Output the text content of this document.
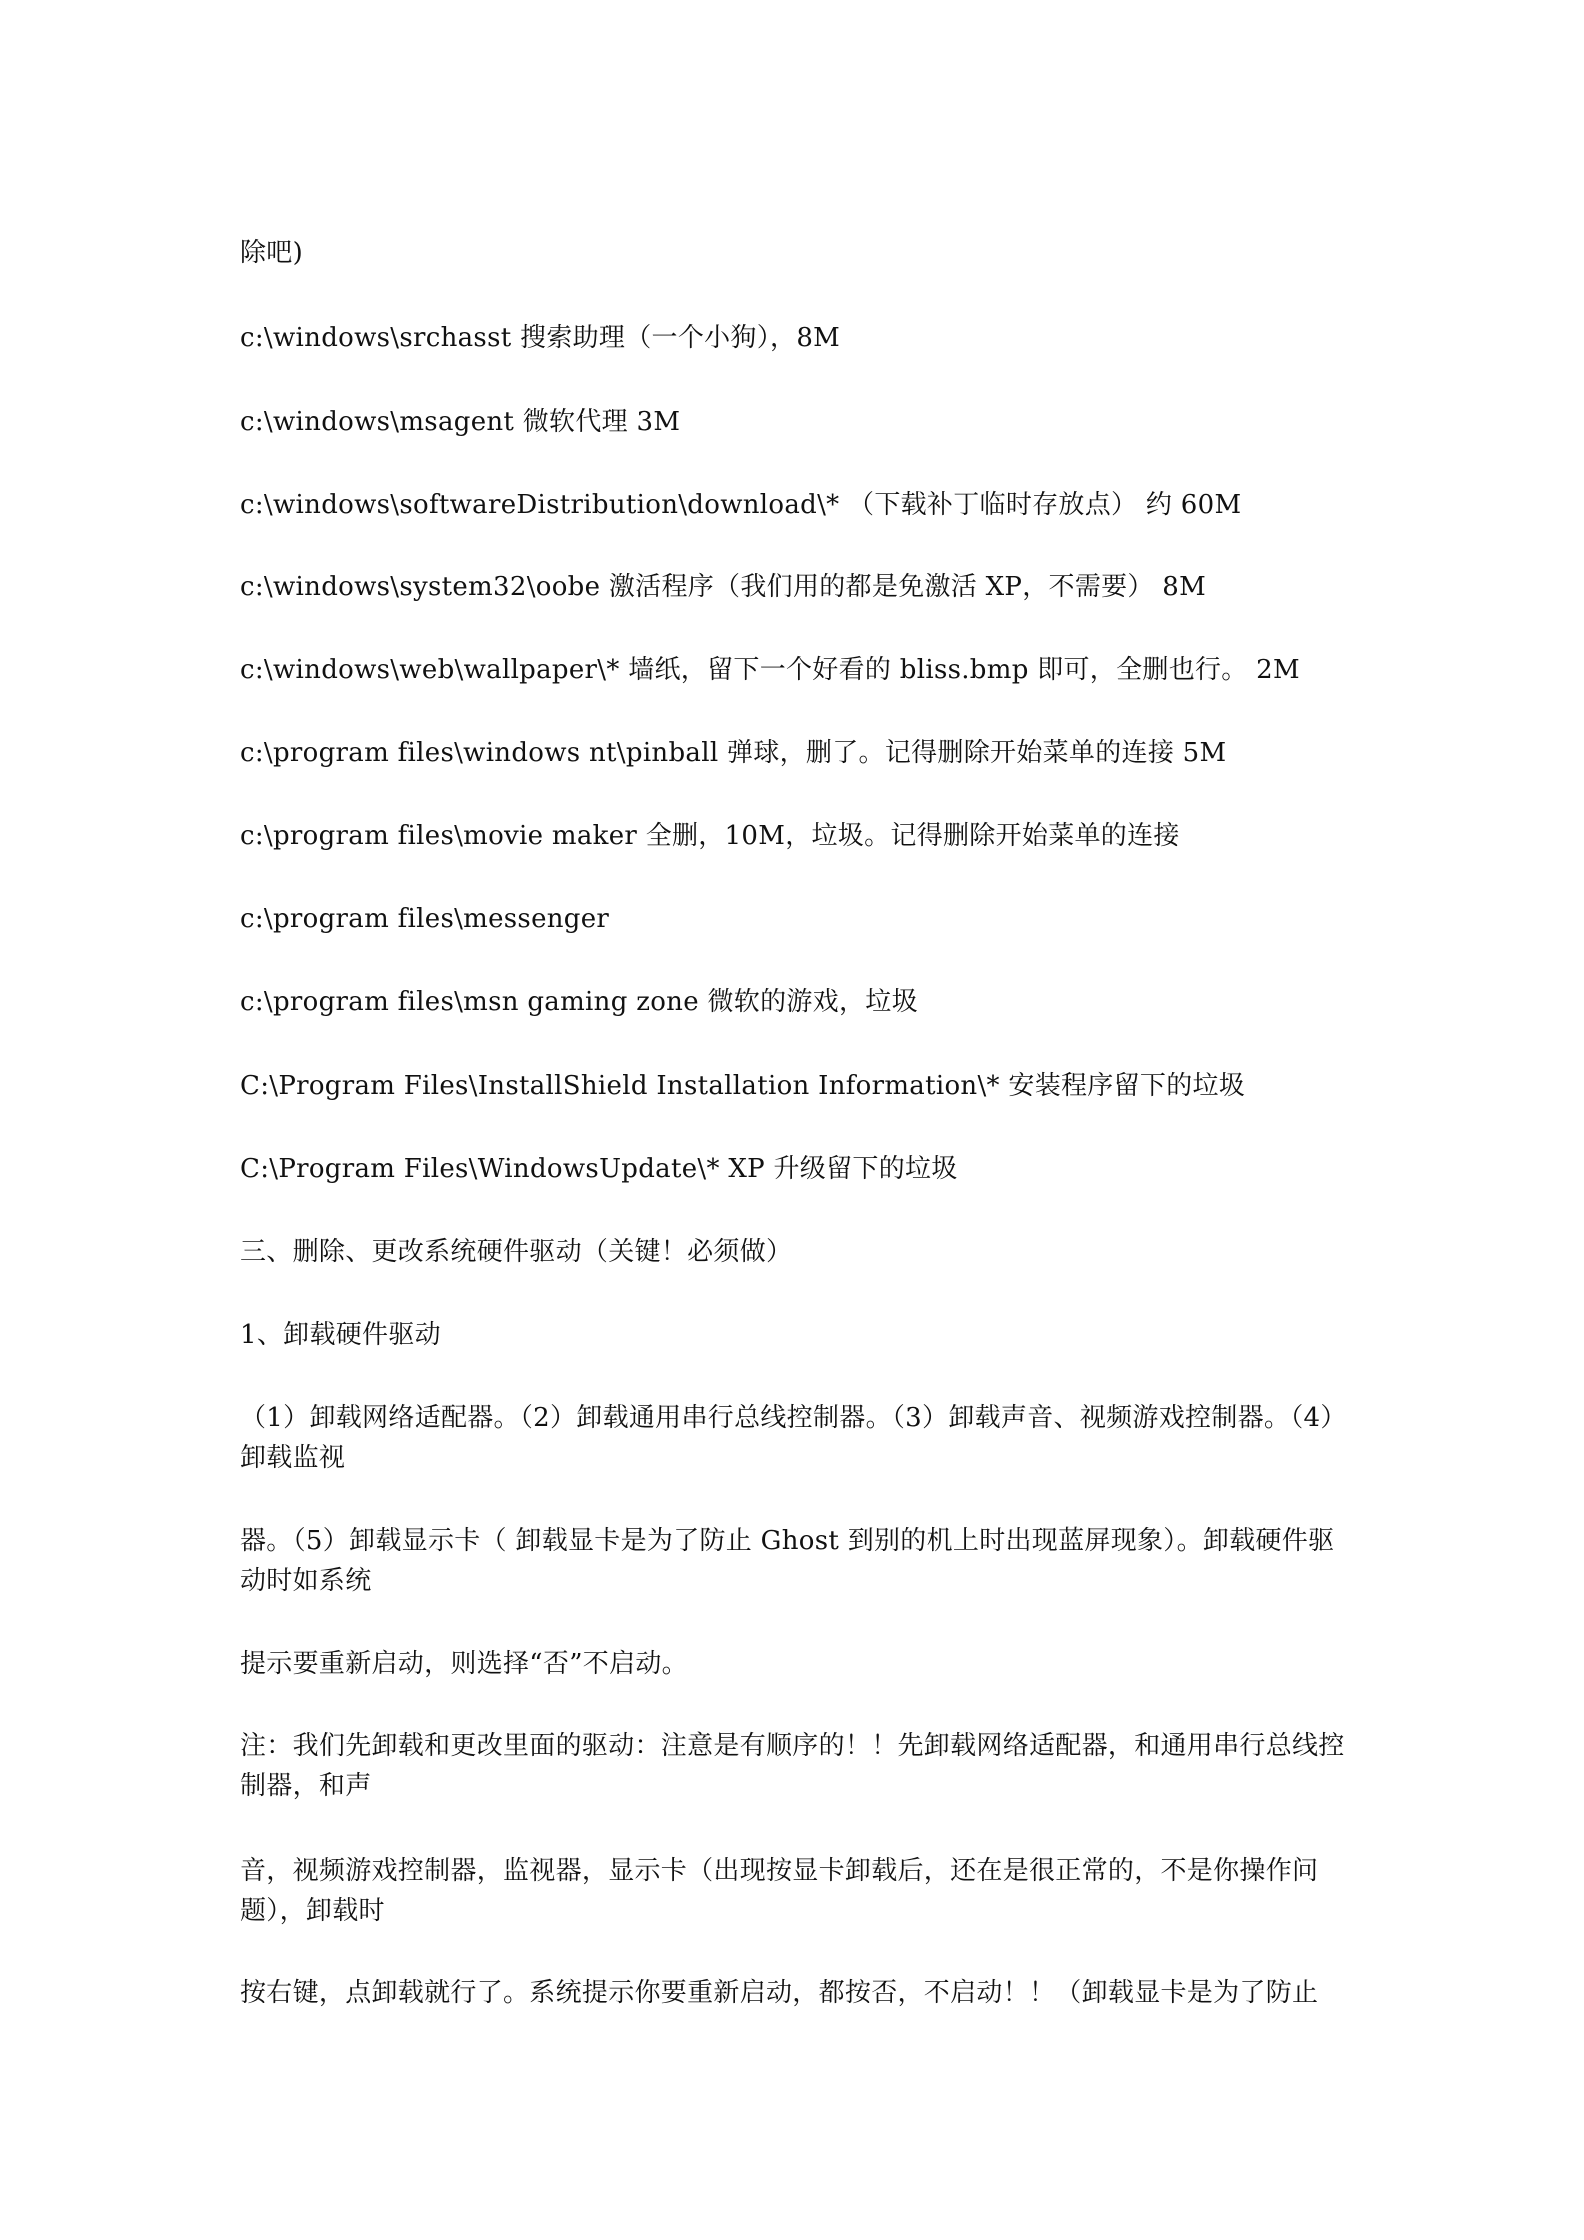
除吧)
c:\windows\srchasst 搜索助理（一个小狗），8M
c:\windows\msagent 微软代理 3M
c:\windows\softwareDistribution\download\* （下载补丁临时存放点） 约 60M
c:\windows\system32\oobe 激活程序（我们用的都是免激活 XP，不需要） 8M
c:\windows\web\wallpaper\* 墙纸，留下一个好看的 bliss.bmp 即可，全删也行。 2M
c:\program files\windows nt\pinball 弹球，删了。记得删除开始菜单的连接 5M
c:\program files\movie maker 全删，10M，垃圾。记得删除开始菜单的连接
c:\program files\messenger
c:\program files\msn gaming zone 微软的游戏，垃圾
C:\Program Files\InstallShield Installation Information\* 安装程序留下的垃圾
C:\Program Files\WindowsUpdate\* XP 升级留下的垃圾
三、删除、更改系统硬件驱动（关键！必须做）
1、卸载硬件驱动
（1）卸载网络适配器。（2）卸载通用串行总线控制器。（3）卸载声音、视频游戏控制器。（4）卸载监视
器。（5）卸载显示卡（ 卸载显卡是为了防止 Ghost 到别的机上时出现蓝屏现象）。卸载硬件驱动时如系统
提示要重新启动，则选择“否”不启动。
注：我们先卸载和更改里面的驱动：注意是有顺序的！！先卸载网络适配器，和通用串行总线控制器，和声
音，视频游戏控制器，监视器，显示卡（出现按显卡卸载后，还在是很正常的，不是你操作问题），卸载时
按右键，点卸载就行了。系统提示你要重新启动，都按否，不启动！！（卸载显卡是为了防止
